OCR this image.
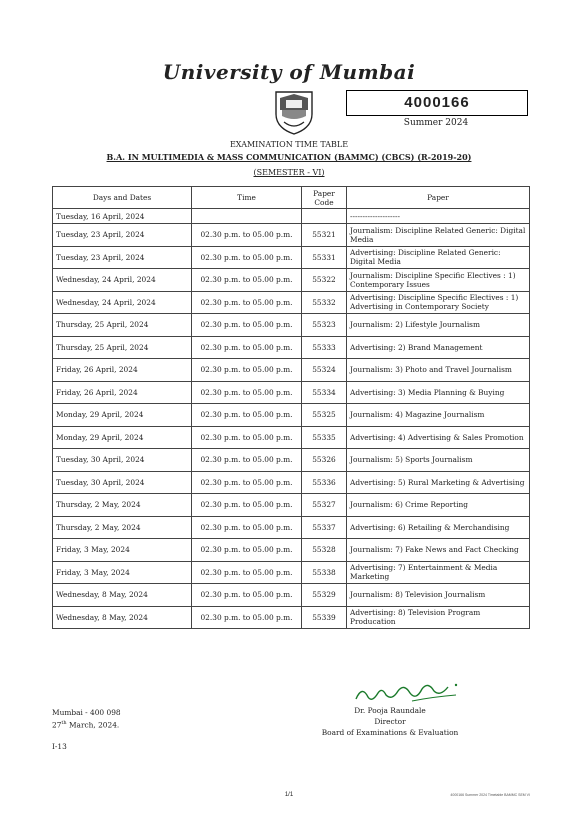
University of Mumbai
4000166
Summer 2024
EXAMINATION TIME TABLE
B.A. IN MULTIMEDIA & MASS COMMUNICATION (BAMMC) (CBCS) (R-2019-20)
(SEMESTER - VI)
Days and Dates	Time	Paper Code	Paper
Tuesday, 16 April, 2024			--------------------
Tuesday, 23 April, 2024	02.30 p.m. to 05.00 p.m.	55321	Journalism: Discipline Related Generic: Digital Media
Tuesday, 23 April, 2024	02.30 p.m. to 05.00 p.m.	55331	Advertising: Discipline Related Generic: Digital Media
Wednesday, 24 April, 2024	02.30 p.m. to 05.00 p.m.	55322	Journalism: Discipline Specific Electives : 1) Contemporary Issues
Wednesday, 24 April, 2024	02.30 p.m. to 05.00 p.m.	55332	Advertising: Discipline Specific Electives : 1) Advertising in Contemporary Society
Thursday, 25 April, 2024	02.30 p.m. to 05.00 p.m.	55323	Journalism: 2) Lifestyle Journalism
Thursday, 25 April, 2024	02.30 p.m. to 05.00 p.m.	55333	Advertising: 2) Brand Management
Friday, 26 April, 2024	02.30 p.m. to 05.00 p.m.	55324	Journalism: 3) Photo and Travel Journalism
Friday, 26 April, 2024	02.30 p.m. to 05.00 p.m.	55334	Advertising: 3) Media Planning & Buying
Monday, 29 April, 2024	02.30 p.m. to 05.00 p.m.	55325	Journalism: 4) Magazine Journalism
Monday, 29 April, 2024	02.30 p.m. to 05.00 p.m.	55335	Advertising: 4) Advertising & Sales Promotion
Tuesday, 30 April, 2024	02.30 p.m. to 05.00 p.m.	55326	Journalism: 5) Sports Journalism
Tuesday, 30 April, 2024	02.30 p.m. to 05.00 p.m.	55336	Advertising: 5) Rural Marketing & Advertising
Thursday, 2 May, 2024	02.30 p.m. to 05.00 p.m.	55327	Journalism: 6) Crime Reporting
Thursday, 2 May, 2024	02.30 p.m. to 05.00 p.m.	55337	Advertising: 6) Retailing & Merchandising
Friday, 3 May, 2024	02.30 p.m. to 05.00 p.m.	55328	Journalism: 7) Fake News and Fact Checking
Friday, 3 May, 2024	02.30 p.m. to 05.00 p.m.	55338	Advertising: 7) Entertainment & Media Marketing
Wednesday, 8 May, 2024	02.30 p.m. to 05.00 p.m.	55329	Journalism: 8) Television Journalism
Wednesday, 8 May, 2024	02.30 p.m. to 05.00 p.m.	55339	Advertising: 8) Television Program Producation
Mumbai - 400 098
27th March, 2024.
I-13
Dr. Pooja Raundale
Director
Board of Examinations & Evaluation
1/1	4000166 Summer 2024 Timetable BAMMC SEM VI
